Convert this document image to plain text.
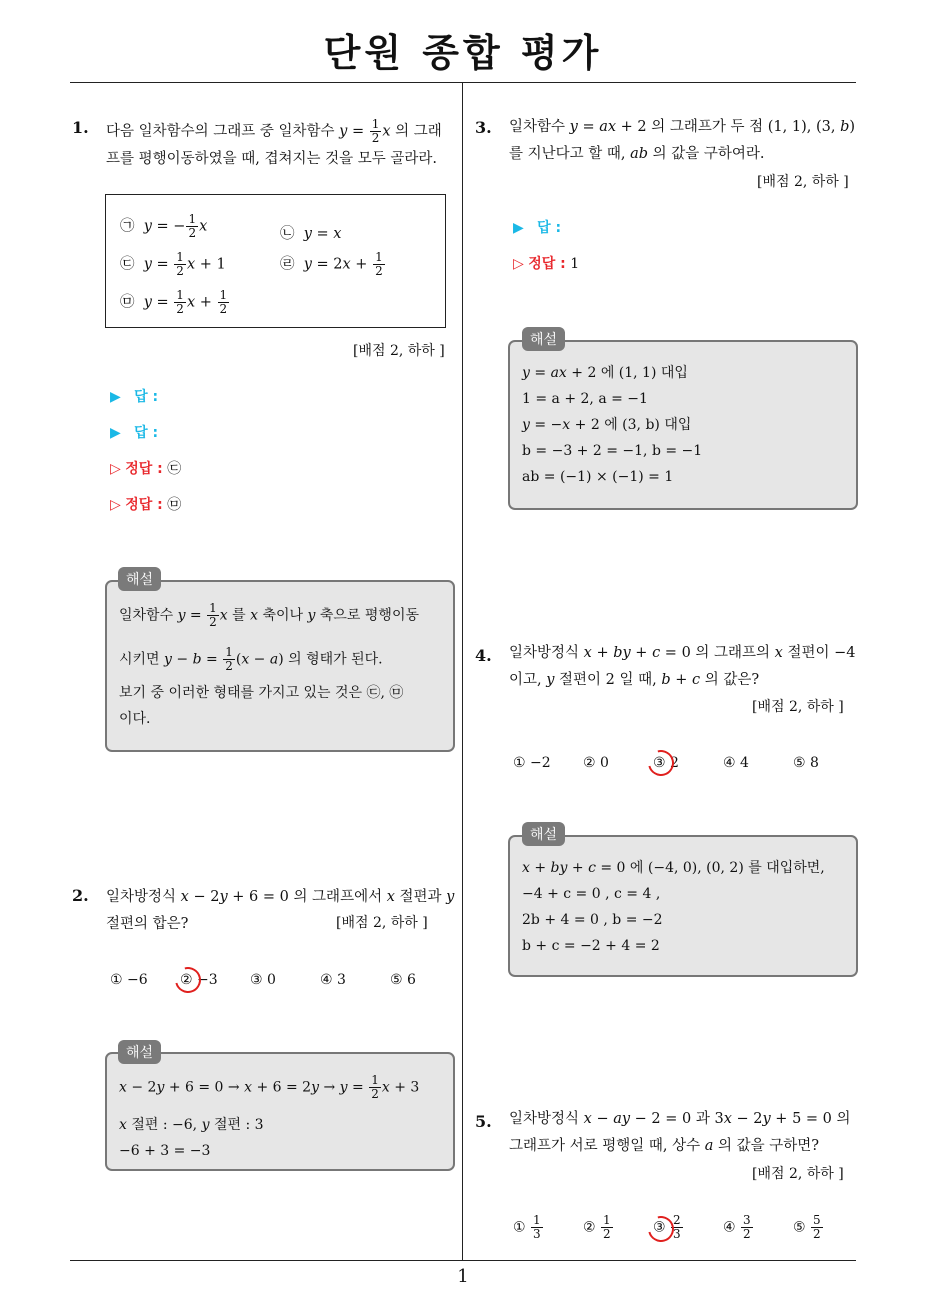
단원 종합 평가
1
1. 다음 일차함수의 그래프 중 일차함수 $y = \frac{1}{2}$ x 의 그래
프를 평행이동하였을 때, 겹쳐지는 것을 모두 골라라.
㉠ y = − $\frac{1}{2}$ x	㉡ y = x
㉢ $y = \frac{1}{2}$ x + 1	㉣ $y = 2x + \frac{1}{2}$
㉤ $y = \frac{1}{2}$ $x + \frac{1}{2}$
[배점 2, 하하 ]
▶ 답 :
▶ 답 :
▷ 정답 : ㉢
▷ 정답 : ㉤
일차함수 $y = \frac{1}{2}$ x 를 x 축이나 y 축으로 평행이동
시키면 $y - b = \frac{1}{2} (x - a)$ 의 형태가 된다.
보기 중 이러한 형태를 가지고 있는 것은 ㉢, ㉤
이다.
해설
2. 일차방정식 x − 2y + 6 = 0 의 그래프에서 x 절편과 y
절편의 합은?	[배점 2, 하하 ]
① −6 ② −3 ③ 0	④ 3	⑤ 6
$x - 2y + 6 = 0 \to x + 6 = 2y \to y = \frac{1}{2}$ x + 3
x 절편 : −6, y 절편 : 3
−6 + 3 = −3
해설
3. 일차함수 y = ax + 2 의 그래프가 두 점 (1, 1), (3, b)
를 지난다고 할 때, ab 의 값을 구하여라.
[배점 2, 하하 ]
▶ 답 :
▷ 정답 : 1
y = ax + 2 에 (1, 1) 대입
1 = a + 2, a = −1
y = −x + 2 에 (3, b) 대입
b = −3 + 2 = −1, b = −1
ab = (−1) × (−1) = 1
해설
4. 일차방정식 x + by + c = 0 의 그래프의 x 절편이 −4
이고, y 절편이 2 일 때, b + c 의 값은?
[배점 2, 하하 ]
① −2 ② 0	③ 2	④ 4	⑤ 8
x + by + c = 0 에 (−4, 0), (0, 2) 를 대입하면,
−4 + c = 0 , c = 4 ,
2b + 4 = 0 , b = −2
b + c = −2 + 4 = 2
해설
5. 일차방정식 x − ay − 2 = 0 과 3x − 2y + 5 = 0 의
그래프가 서로 평행일 때, 상수 a 의 값을 구하면?
[배점 2, 하하 ]
① $\frac{1}{3}$	② $\frac{1}{2}$	③ $\frac{2}{3}$	④ $\frac{3}{2}$	⑤ $\frac{5}{2}$
